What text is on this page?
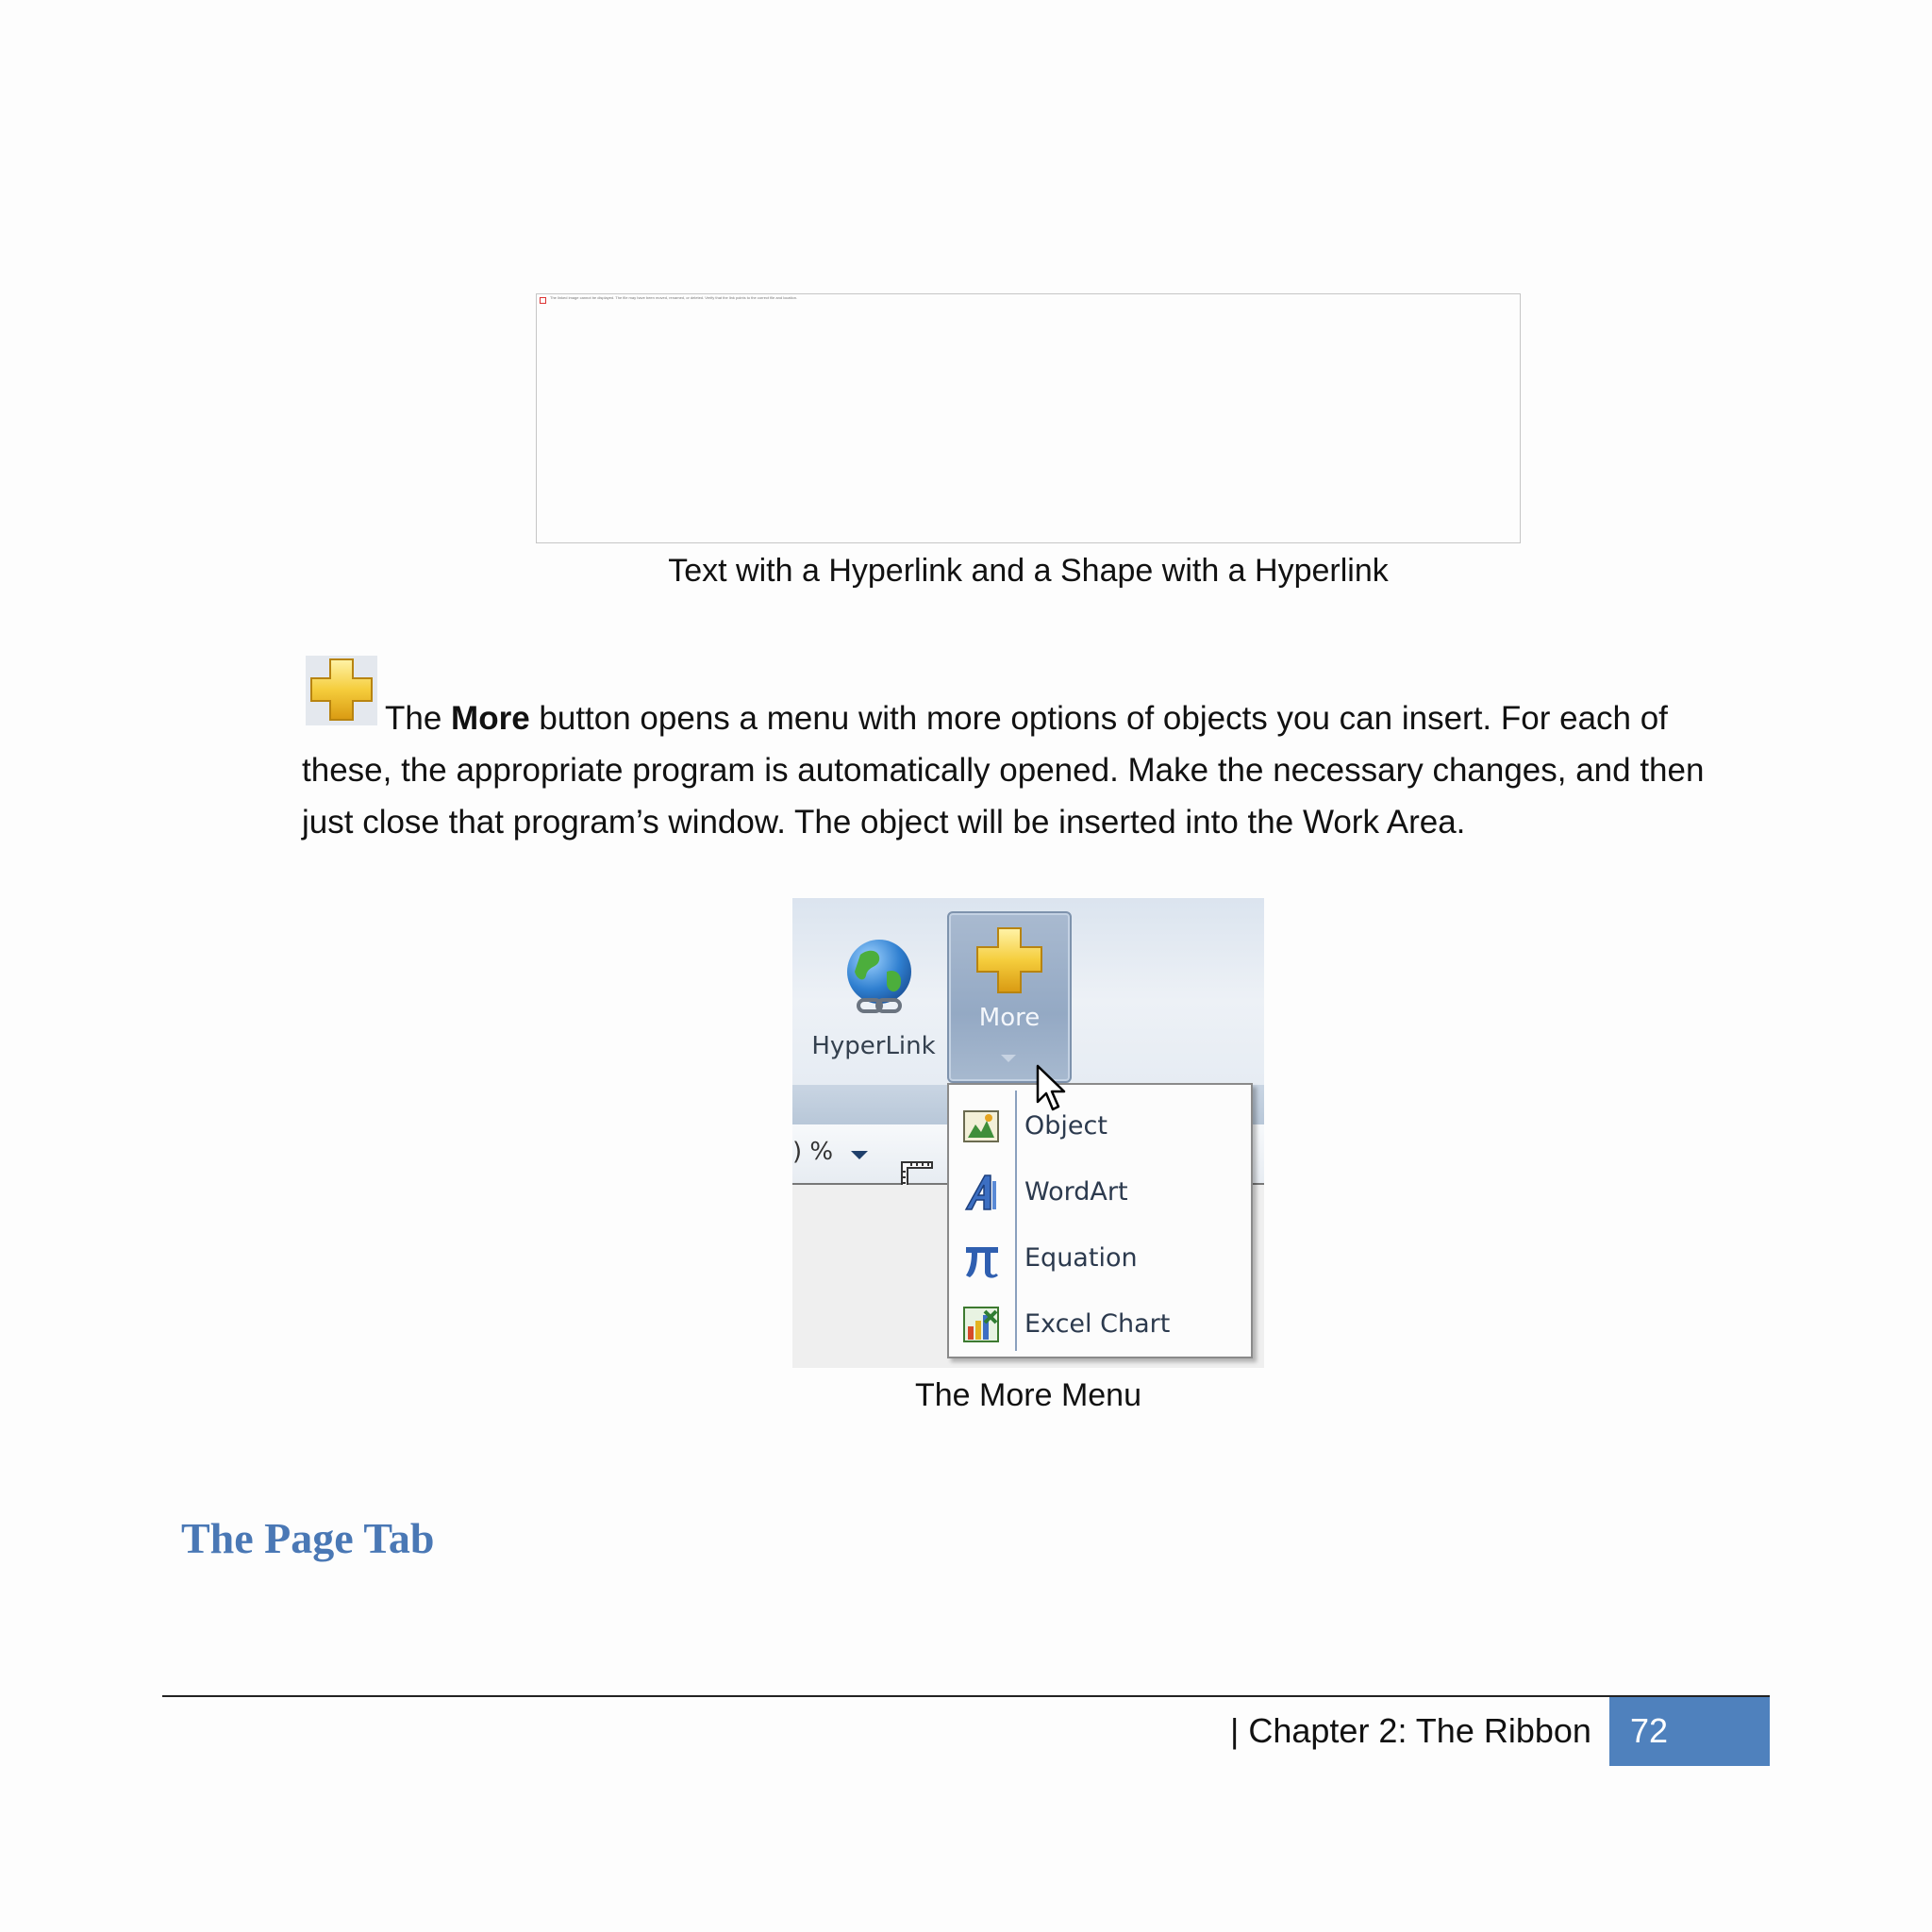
The linked image cannot be displayed. The file may have been moved, renamed, or deleted. Verify that the link points to the correct file and location.
Text with a Hyperlink and a Shape with a Hyperlink
The More button opens a menu with more options of objects you can insert. For each of
these, the appropriate program is automatically opened. Make the necessary changes, and then
just close that program’s window. The object will be inserted into the Work Area.
) %
HyperLink
More
Object
WordArt
Equation
Excel Chart
The More Menu
The Page Tab
| Chapter 2: The Ribbon 72
